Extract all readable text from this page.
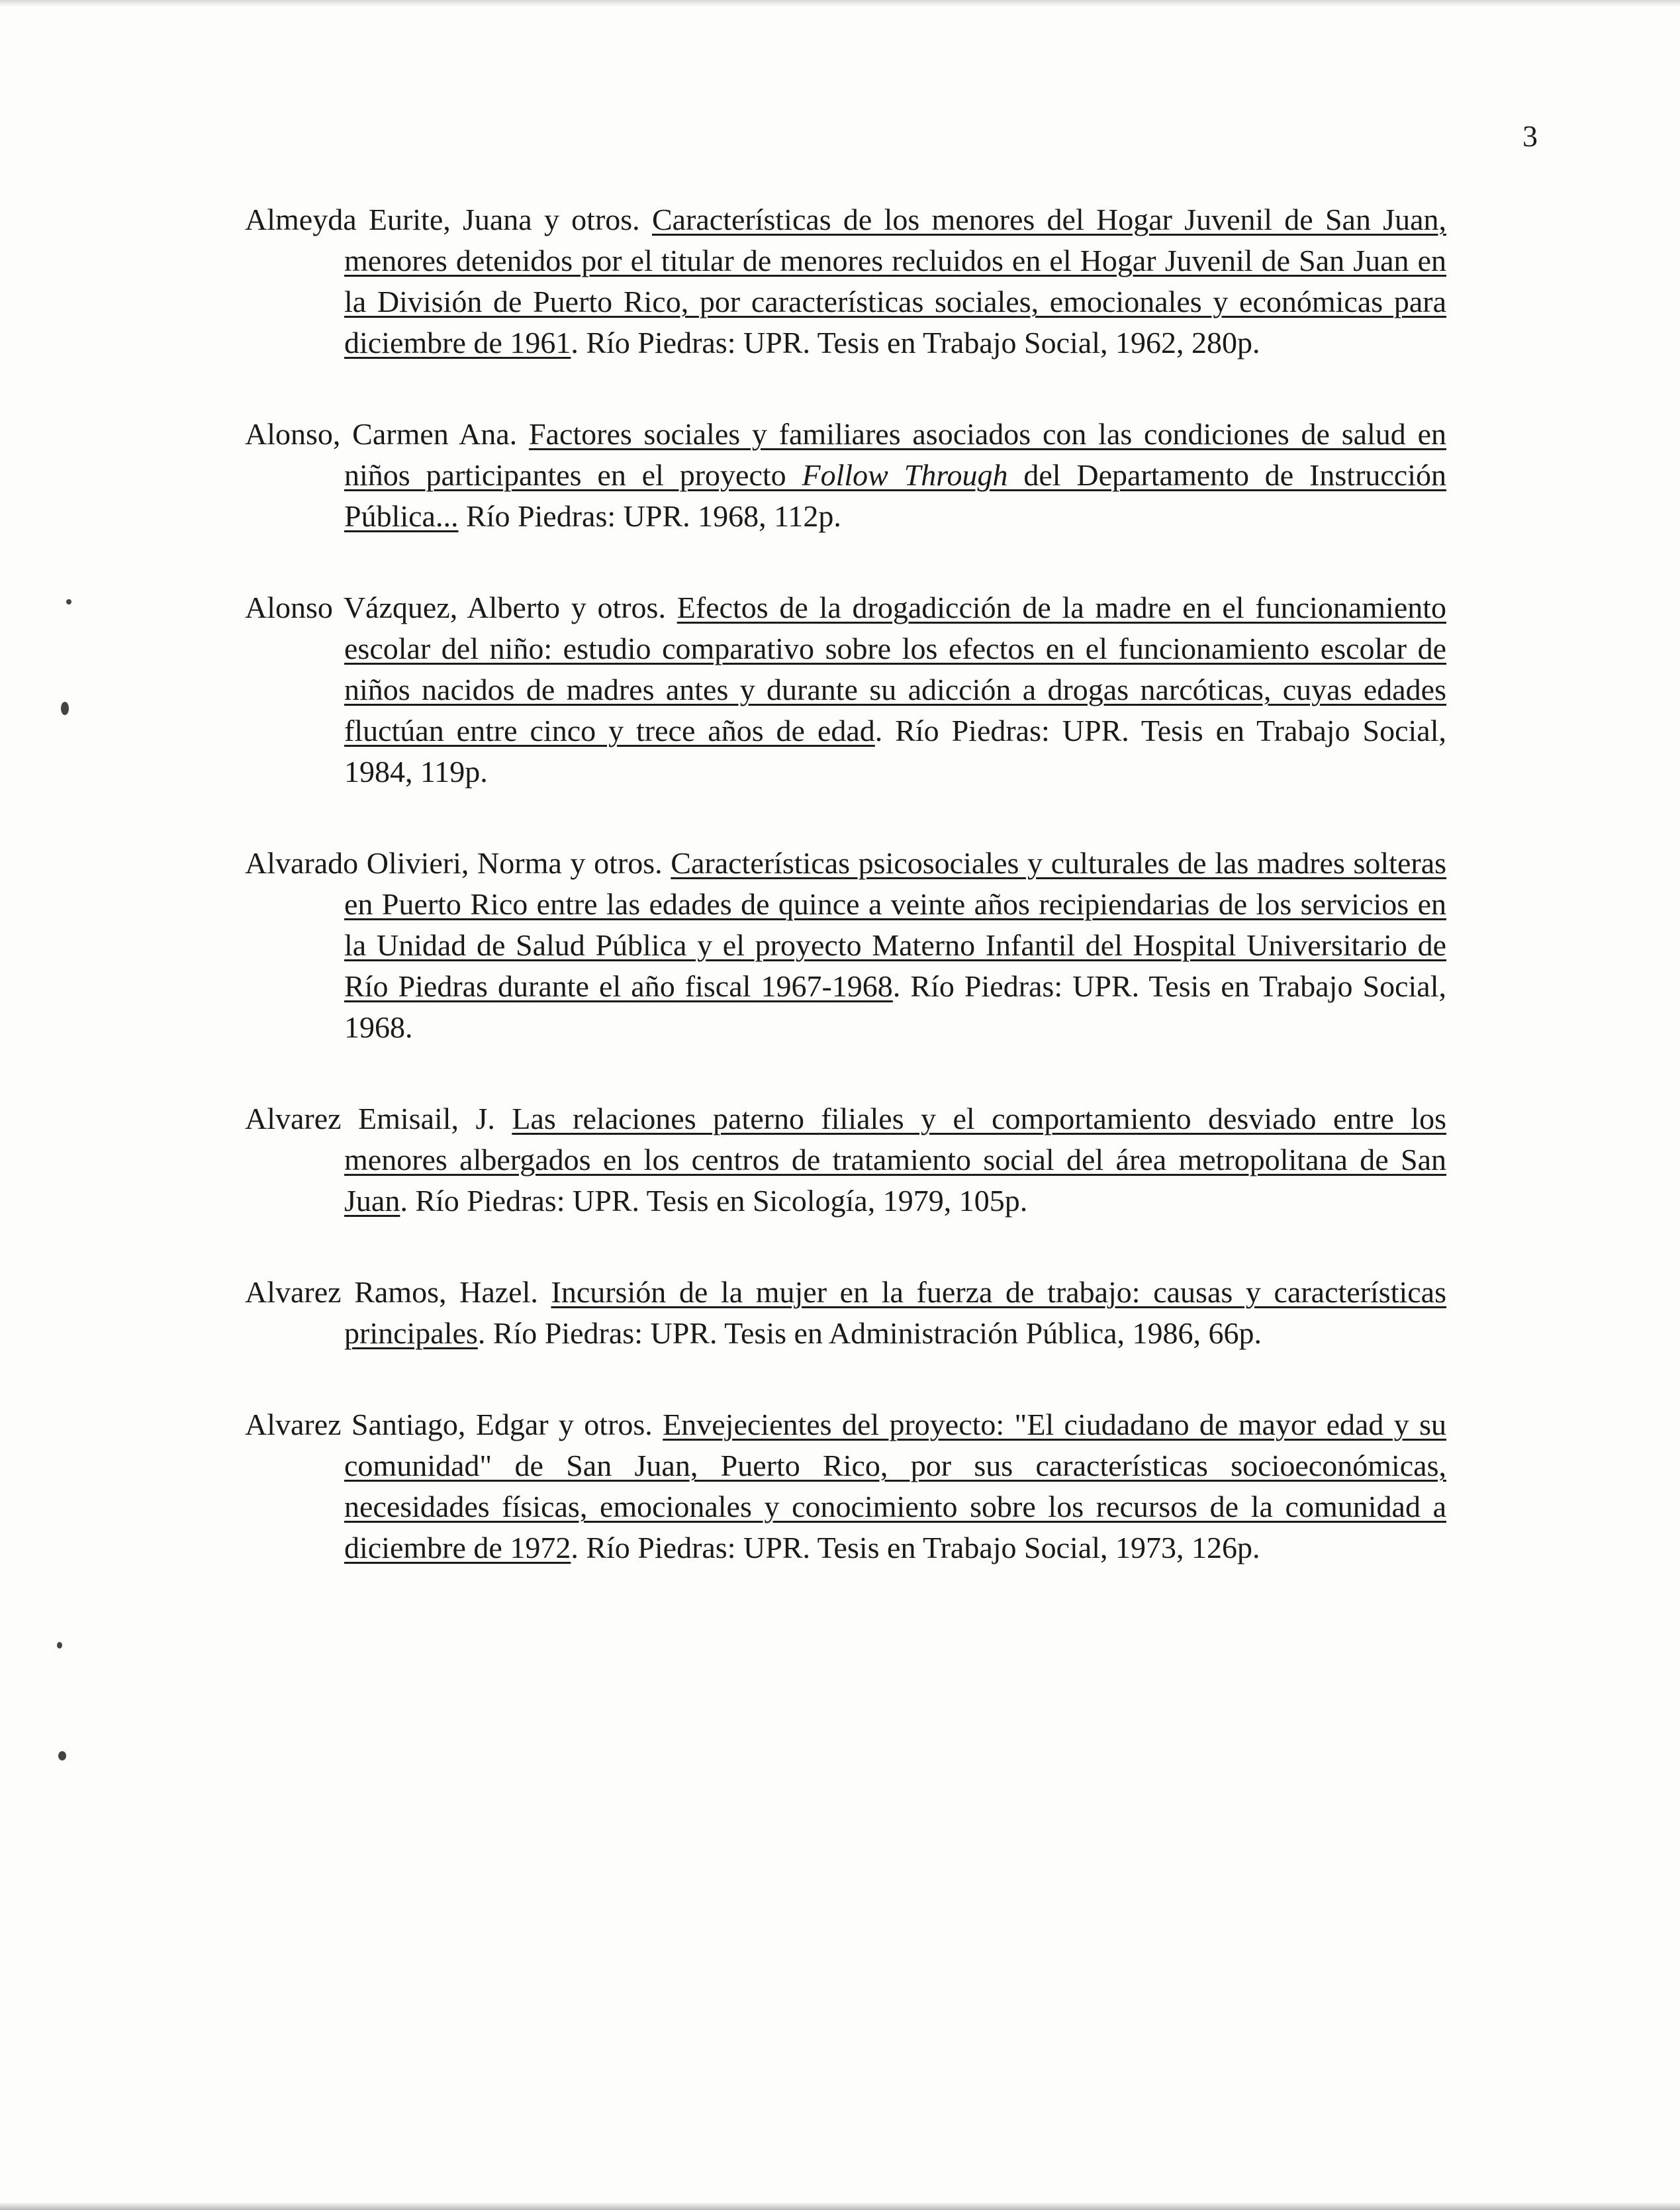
3

Almeyda Eurite, Juana y otros. Características de los menores del Hogar Juvenil de San Juan, menores detenidos por el titular de menores recluidos en el Hogar Juvenil de San Juan en la División de Puerto Rico, por características sociales, emocionales y económicas para diciembre de 1961. Río Piedras: UPR. Tesis en Trabajo Social, 1962, 280p.

Alonso, Carmen Ana. Factores sociales y familiares asociados con las condiciones de salud en niños participantes en el proyecto Follow Through del Departamento de Instrucción Pública... Río Piedras: UPR. 1968, 112p.

Alonso Vázquez, Alberto y otros. Efectos de la drogadicción de la madre en el funcionamiento escolar del niño: estudio comparativo sobre los efectos en el funcionamiento escolar de niños nacidos de madres antes y durante su adicción a drogas narcóticas, cuyas edades fluctúan entre cinco y trece años de edad. Río Piedras: UPR. Tesis en Trabajo Social, 1984, 119p.

Alvarado Olivieri, Norma y otros. Características psicosociales y culturales de las madres solteras en Puerto Rico entre las edades de quince a veinte años recipiendarias de los servicios en la Unidad de Salud Pública y el proyecto Materno Infantil del Hospital Universitario de Río Piedras durante el año fiscal 1967-1968. Río Piedras: UPR. Tesis en Trabajo Social, 1968.

Alvarez Emisail, J. Las relaciones paterno filiales y el comportamiento desviado entre los menores albergados en los centros de tratamiento social del área metropolitana de San Juan. Río Piedras: UPR. Tesis en Sicología, 1979, 105p.

Alvarez Ramos, Hazel. Incursión de la mujer en la fuerza de trabajo: causas y características principales. Río Piedras: UPR. Tesis en Administración Pública, 1986, 66p.

Alvarez Santiago, Edgar y otros. Envejecientes del proyecto: "El ciudadano de mayor edad y su comunidad" de San Juan, Puerto Rico, por sus características socioeconómicas, necesidades físicas, emocionales y conocimiento sobre los recursos de la comunidad a diciembre de 1972. Río Piedras: UPR. Tesis en Trabajo Social, 1973, 126p.
